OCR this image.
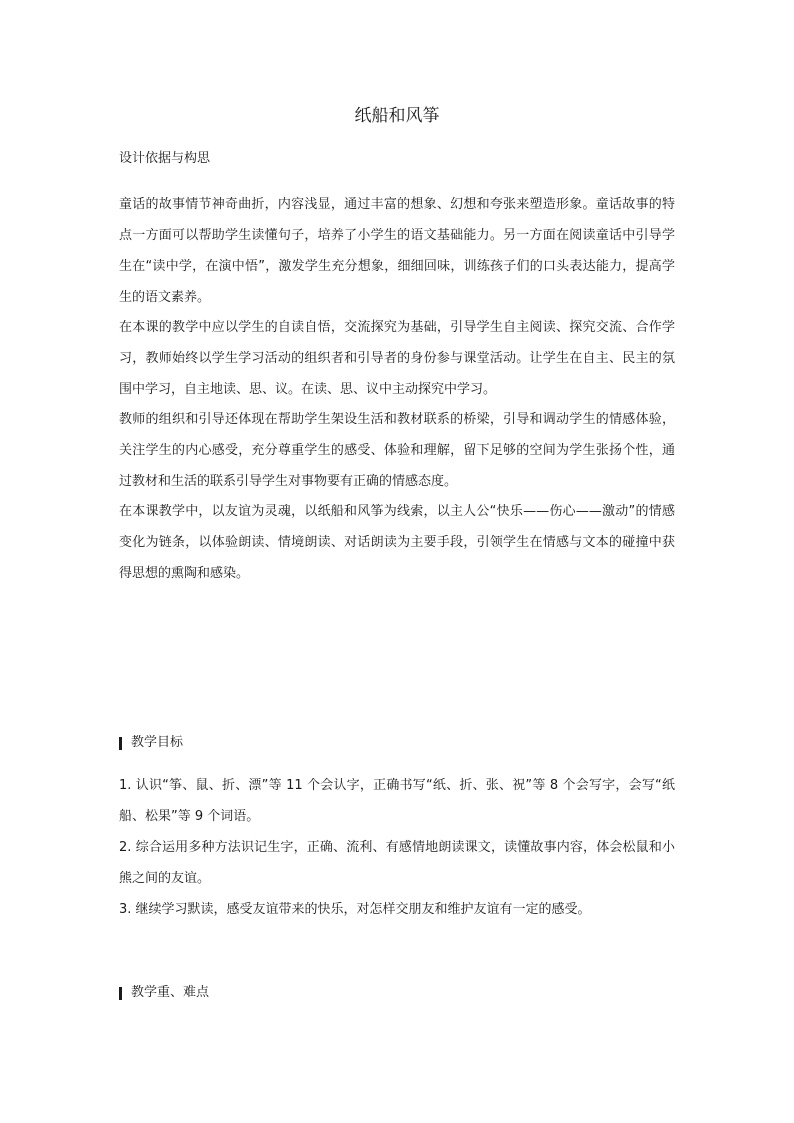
纸船和风筝
设计依据与构思

童话的故事情节神奇曲折，内容浅显，通过丰富的想象、幻想和夸张来塑造形象。童话故事的特点一方面可以帮助学生读懂句子，培养了小学生的语文基础能力。另一方面在阅读童话中引导学生在“读中学，在演中悟”，激发学生充分想象，细细回味，训练孩子们的口头表达能力，提高学生的语文素养。

在本课的教学中应以学生的自读自悟，交流探究为基础，引导学生自主阅读、探究交流、合作学习，教师始终以学生学习活动的组织者和引导者的身份参与课堂活动。让学生在自主、民主的氛围中学习，自主地读、思、议。在读、思、议中主动探究中学习。

教师的组织和引导还体现在帮助学生架设生活和教材联系的桥梁，引导和调动学生的情感体验，关注学生的内心感受，充分尊重学生的感受、体验和理解，留下足够的空间为学生张扬个性，通过教材和生活的联系引导学生对事物要有正确的情感态度。

在本课教学中，以友谊为灵魂，以纸船和风筝为线索，以主人公“快乐——伤心——激动”的情感变化为链条，以体验朗读、情境朗读、对话朗读为主要手段，引领学生在情感与文本的碰撞中获得思想的熏陶和感染。

教学目标

1. 认识“筝、鼠、折、漂”等 11 个会认字，正确书写“纸、折、张、祝”等 8 个会写字，会写“纸船、松果”等 9 个词语。

2. 综合运用多种方法识记生字，正确、流利、有感情地朗读课文，读懂故事内容，体会松鼠和小熊之间的友谊。

3. 继续学习默读，感受友谊带来的快乐，对怎样交朋友和维护友谊有一定的感受。

教学重、难点
